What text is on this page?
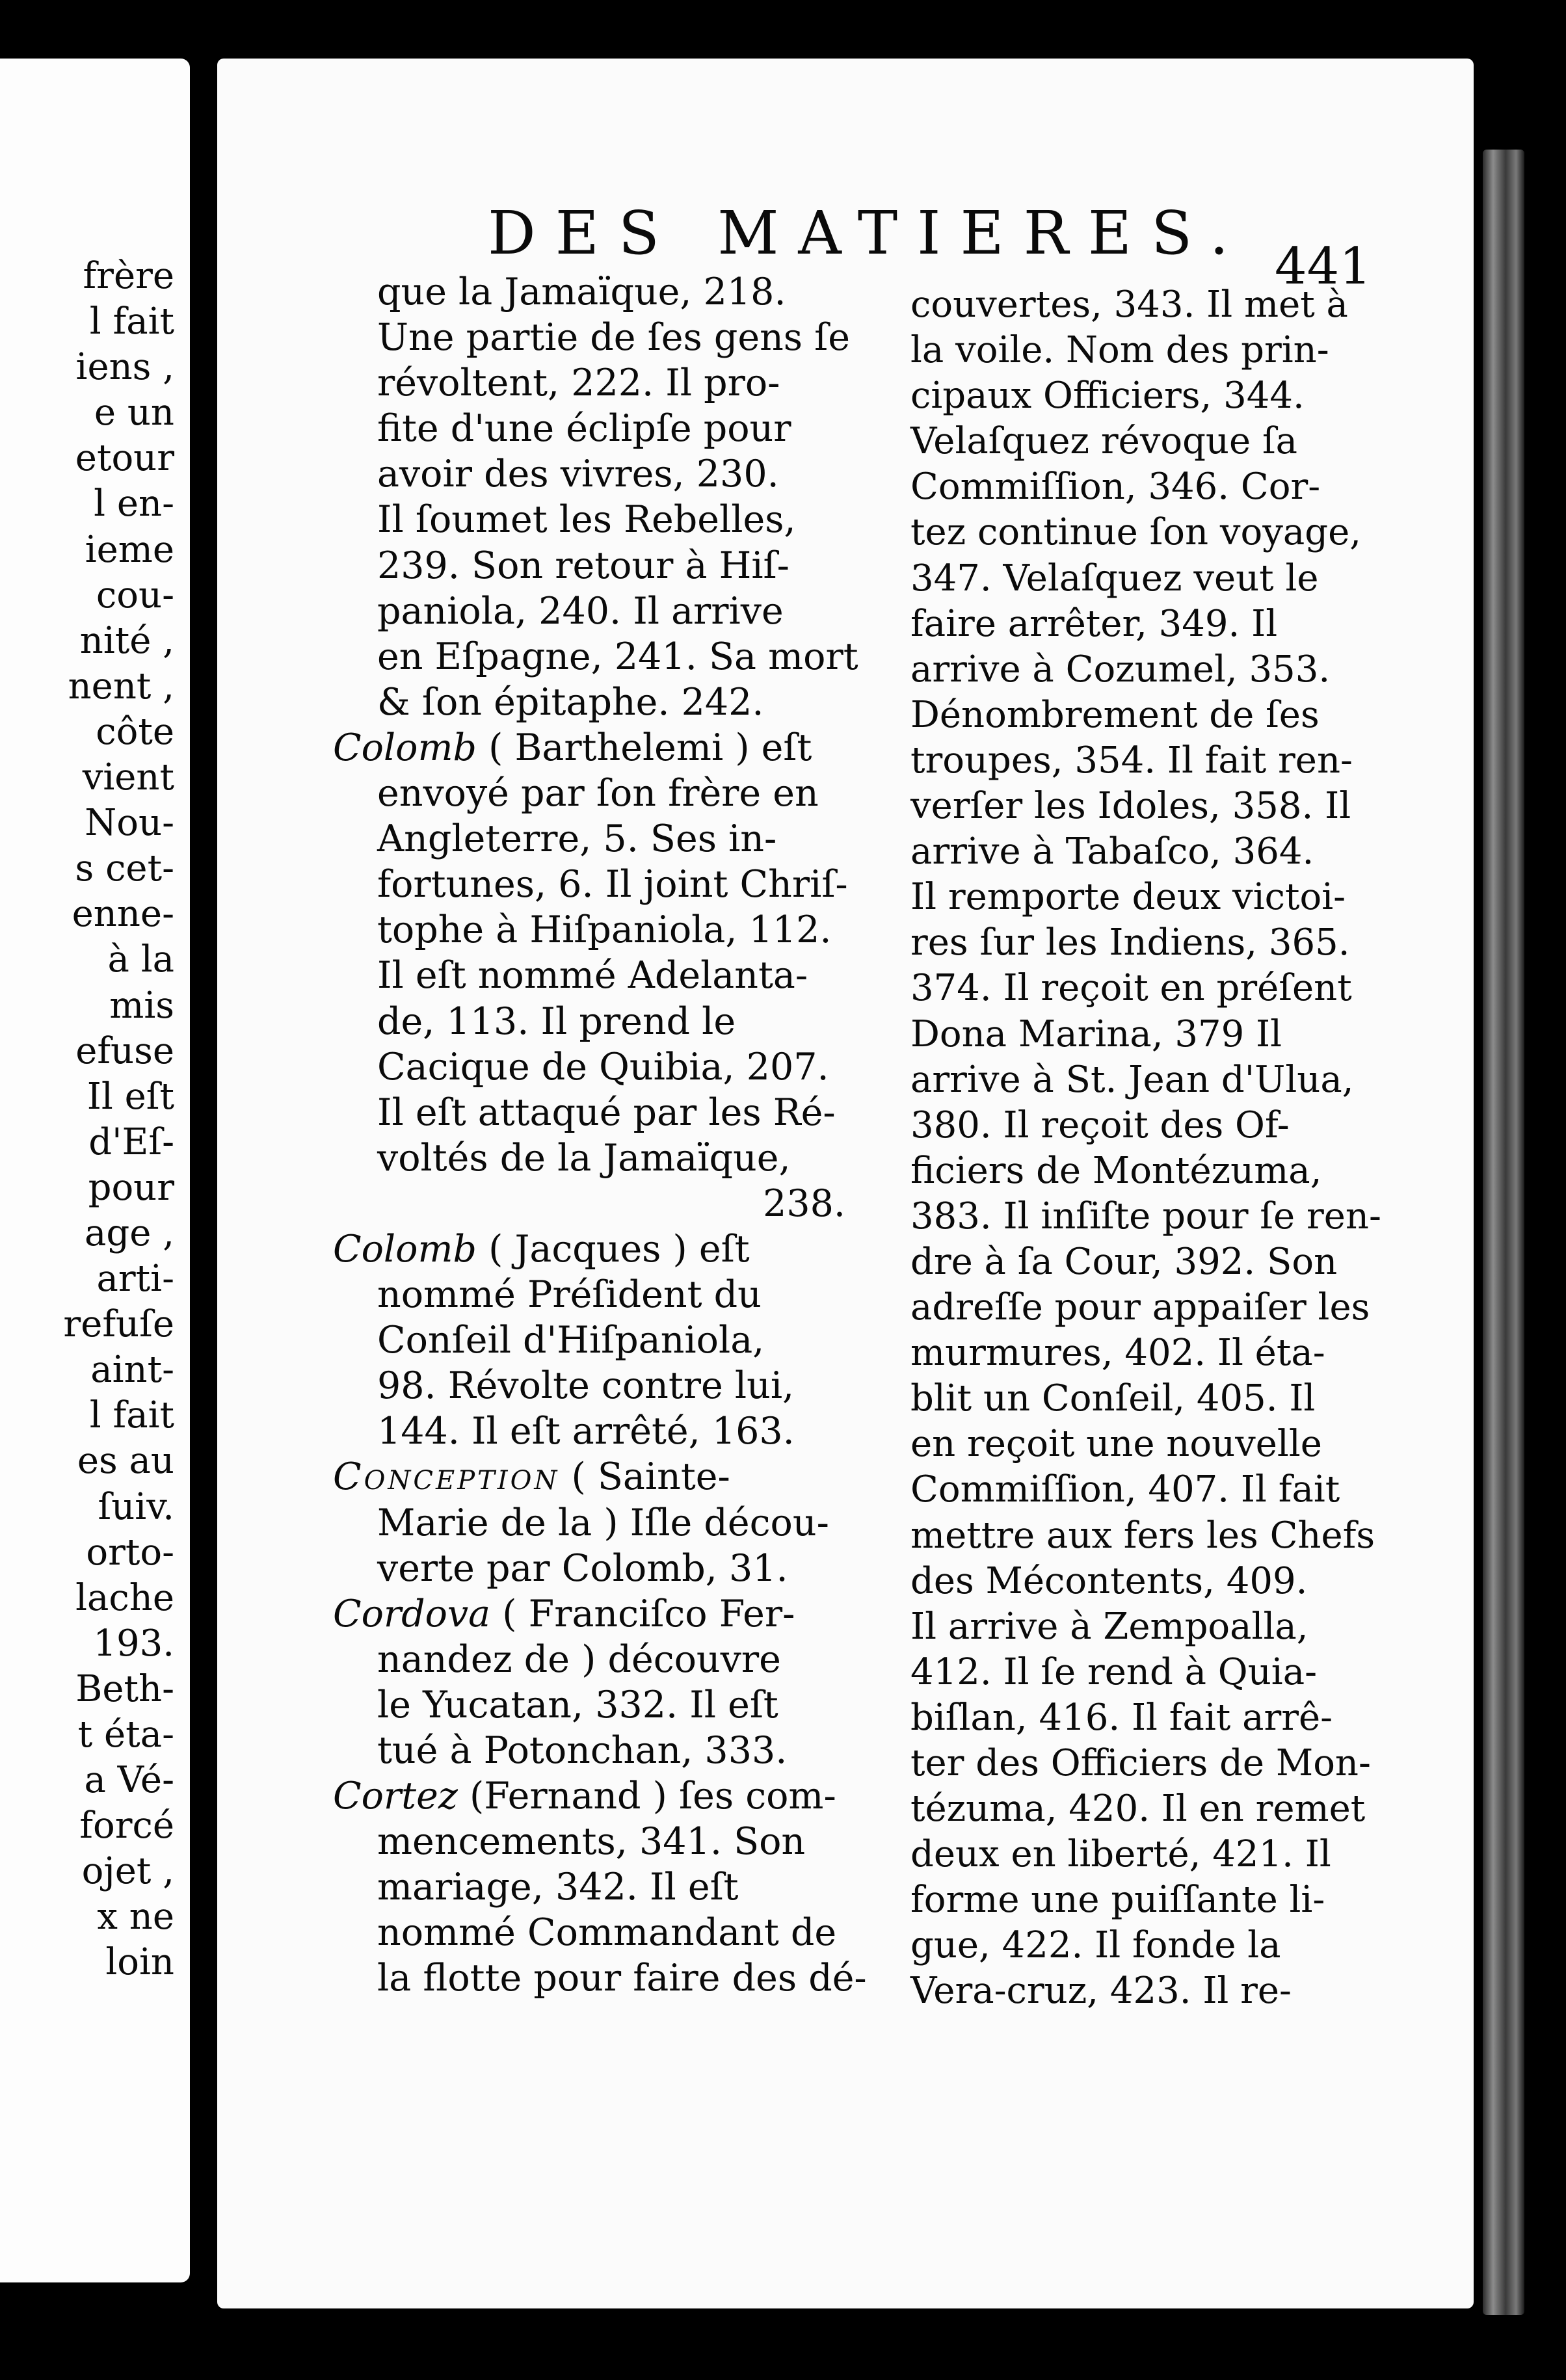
frère
l fait
iens ,
e un
etour
l en-
ieme
cou-
nité ,
nent ,
côte
vient
Nou-
s cet-
enne-
à la
mis
efuse
Il eſt
d'Eſ-
pour
age ,
arti-
refuſe
aint-
l fait
es au
ſuiv.
orto-
lache
193.
Beth-
t éta-
a Vé-
forcé
ojet ,
x ne
loin
DES MATIERES. 441
que la Jamaïque, 218.
Une partie de ſes gens ſe
révoltent, 222. Il pro-
fite d'une éclipſe pour
avoir des vivres, 230.
Il ſoumet les Rebelles,
239. Son retour à Hiſ-
paniola, 240. Il arrive
en Eſpagne, 241. Sa mort
& ſon épitaphe. 242.
Colomb ( Barthelemi ) eſt
envoyé par ſon frère en
Angleterre, 5. Ses in-
fortunes, 6. Il joint Chriſ-
tophe à Hiſpaniola, 112.
Il eſt nommé Adelanta-
de, 113. Il prend le
Cacique de Quibia, 207.
Il eſt attaqué par les Ré-
voltés de la Jamaïque,
238.
Colomb ( Jacques ) eſt
nommé Préſident du
Conſeil d'Hiſpaniola,
98. Révolte contre lui,
144. Il eſt arrêté, 163.
Conception ( Sainte-
Marie de la ) Iſle décou-
verte par Colomb, 31.
Cordova ( Franciſco Fer-
nandez de ) découvre
le Yucatan, 332. Il eſt
tué à Potonchan, 333.
Cortez (Fernand ) ſes com-
mencements, 341. Son
mariage, 342. Il eſt
nommé Commandant de
la flotte pour faire des dé-
couvertes, 343. Il met à
la voile. Nom des prin-
cipaux Officiers, 344.
Velaſquez révoque ſa
Commiſſion, 346. Cor-
tez continue ſon voyage,
347. Velaſquez veut le
faire arrêter, 349. Il
arrive à Cozumel, 353.
Dénombrement de ſes
troupes, 354. Il fait ren-
verſer les Idoles, 358. Il
arrive à Tabaſco, 364.
Il remporte deux victoi-
res ſur les Indiens, 365.
374. Il reçoit en préſent
Dona Marina, 379 Il
arrive à St. Jean d'Ulua,
380. Il reçoit des Of-
ficiers de Montézuma,
383. Il inſiſte pour ſe ren-
dre à ſa Cour, 392. Son
adreſſe pour appaiſer les
murmures, 402. Il éta-
blit un Conſeil, 405. Il
en reçoit une nouvelle
Commiſſion, 407. Il fait
mettre aux fers les Chefs
des Mécontents, 409.
Il arrive à Zempoalla,
412. Il ſe rend à Quia-
biſlan, 416. Il fait arrê-
ter des Officiers de Mon-
tézuma, 420. Il en remet
deux en liberté, 421. Il
forme une puiſſante li-
gue, 422. Il fonde la
Vera-cruz, 423. Il re-
